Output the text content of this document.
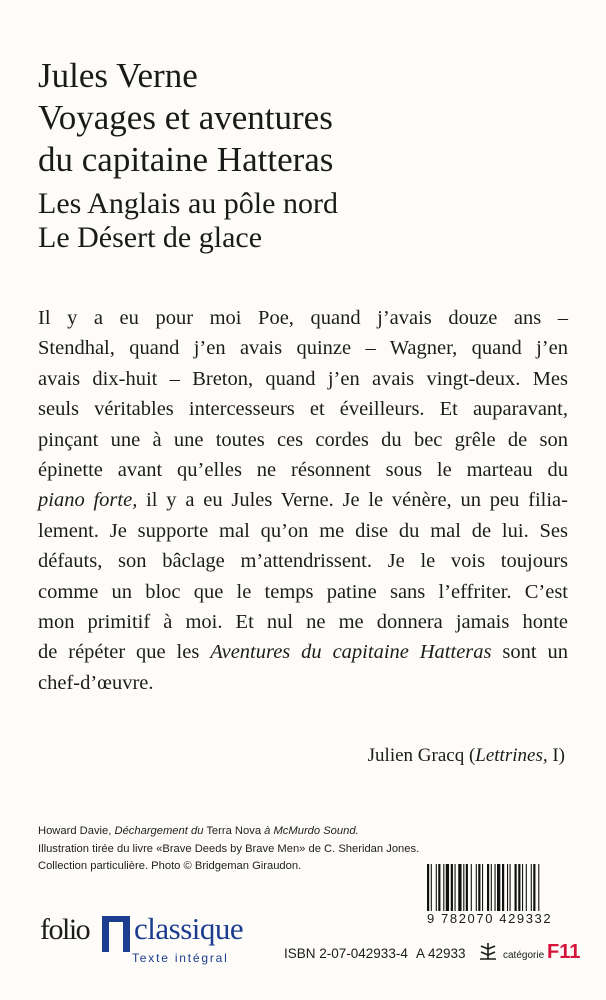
Jules Verne

Voyages et aventures

du capitaine Hatteras

Les Anglais au pôle nord

Le Désert de glace

Il y a eu pour moi Poe, quand j’avais douze ans –
Stendhal, quand j’en avais quinze – Wagner, quand j’en
avais dix-huit – Breton, quand j’en avais vingt-deux. Mes
seuls véritables intercesseurs et éveilleurs. Et auparavant,
pinçant une à une toutes ces cordes du bec grêle de son
épinette avant qu’elles ne résonnent sous le marteau du
piano forte, il y a eu Jules Verne. Je le vénère, un peu filia-
lement. Je supporte mal qu’on me dise du mal de lui. Ses
défauts, son bâclage m’attendrissent. Je le vois toujours
comme un bloc que le temps patine sans l’effriter. C’est
mon primitif à moi. Et nul ne me donnera jamais honte
de répéter que les Aventures du capitaine Hatteras sont un
chef-d’œuvre.
Julien Gracq (Lettrines, I)
Howard Davie, Déchargement du Terra Nova à McMurdo Sound.
Illustration tirée du livre «Brave Deeds by Brave Men» de C. Sheridan Jones.
Collection particulière. Photo © Bridgeman Giraudon.
9 782070 429332
folio classique
Texte intégral	ISBN 2-07-042933-4 A 42933	catégorie F11
